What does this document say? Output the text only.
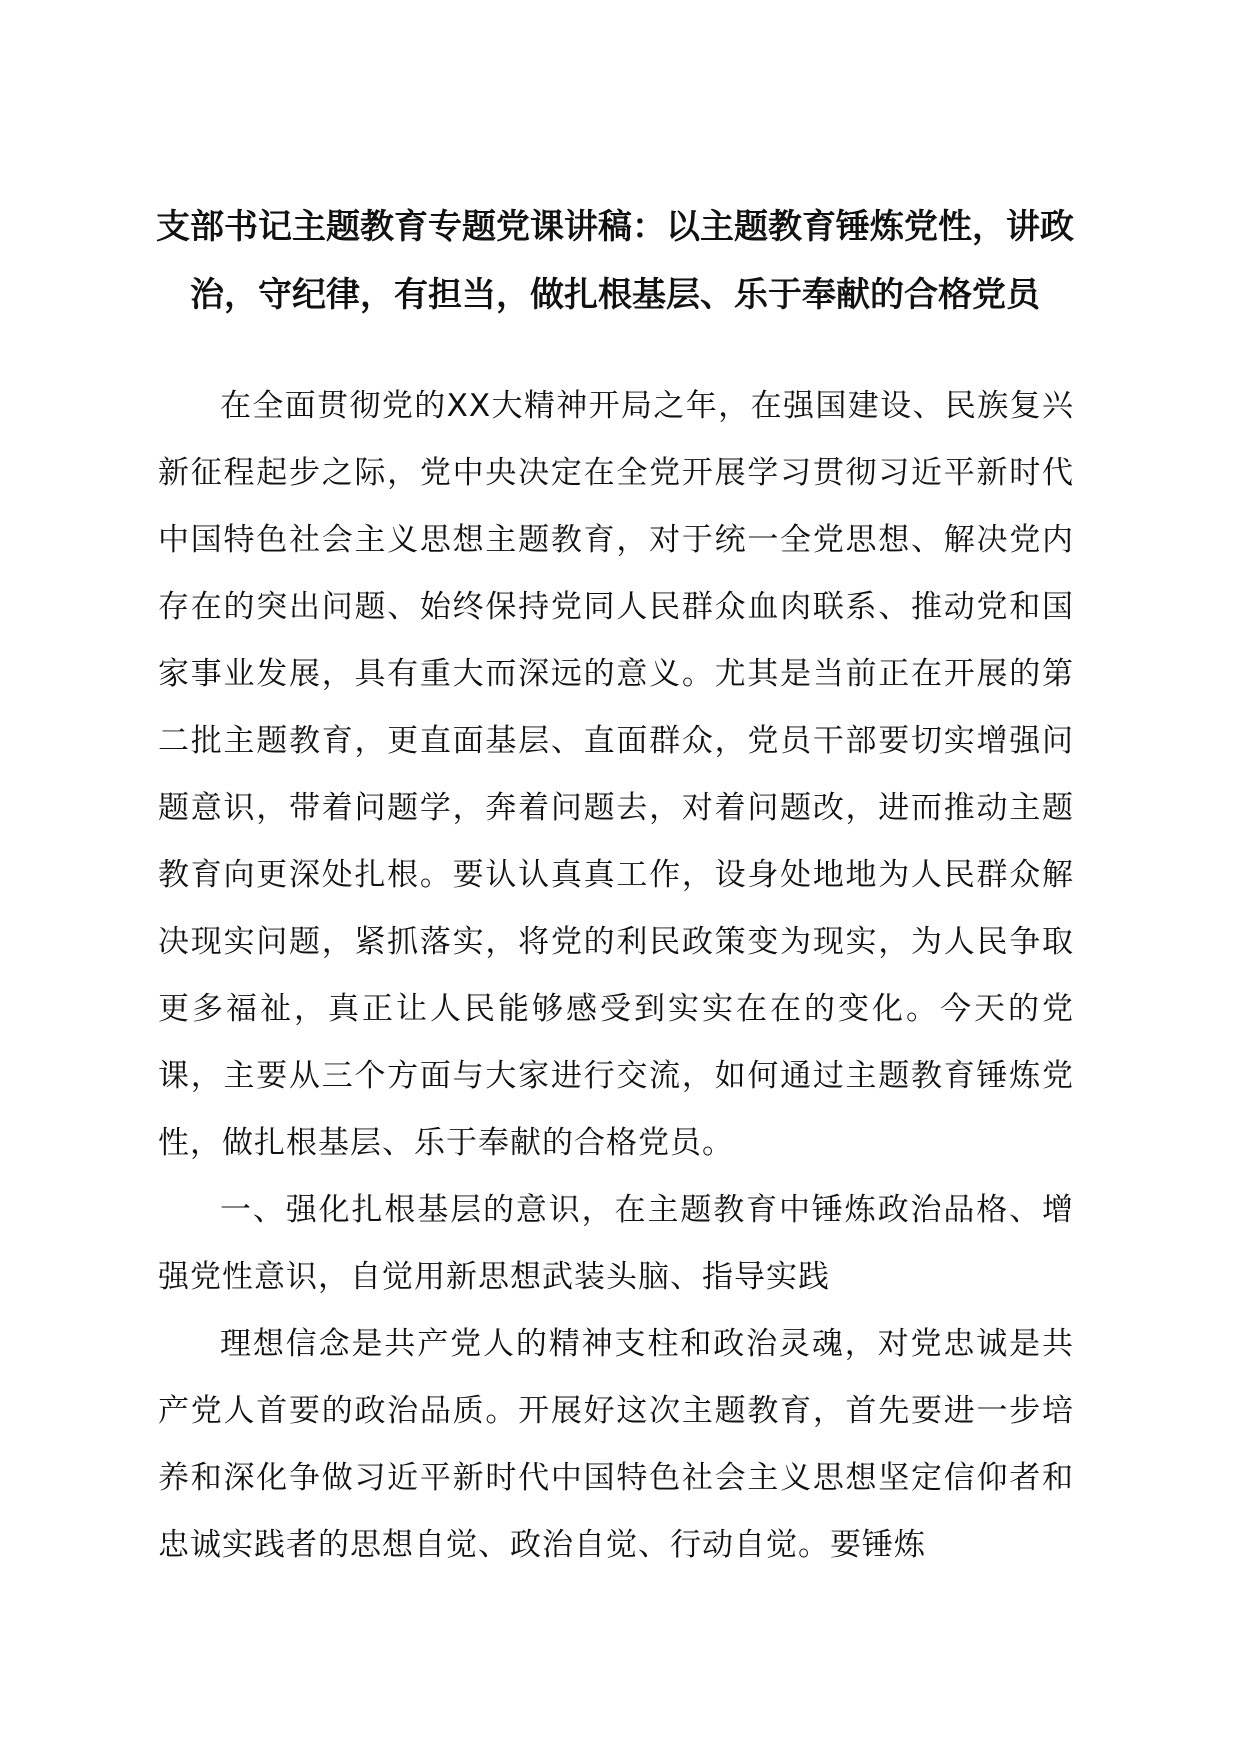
支部书记主题教育专题党课讲稿：以主题教育锤炼党性，讲政治，守纪律，有担当，做扎根基层、乐于奉献的合格党员

在全面贯彻党的XX大精神开局之年，在强国建设、民族复兴新征程起步之际，党中央决定在全党开展学习贯彻习近平新时代中国特色社会主义思想主题教育，对于统一全党思想、解决党内存在的突出问题、始终保持党同人民群众血肉联系、推动党和国家事业发展，具有重大而深远的意义。尤其是当前正在开展的第二批主题教育，更直面基层、直面群众，党员干部要切实增强问题意识，带着问题学，奔着问题去，对着问题改，进而推动主题教育向更深处扎根。要认认真真工作，设身处地地为人民群众解决现实问题，紧抓落实，将党的利民政策变为现实，为人民争取更多福祉，真正让人民能够感受到实实在在的变化。今天的党课，主要从三个方面与大家进行交流，如何通过主题教育锤炼党性，做扎根基层、乐于奉献的合格党员。

一、强化扎根基层的意识，在主题教育中锤炼政治品格、增强党性意识，自觉用新思想武装头脑、指导实践

理想信念是共产党人的精神支柱和政治灵魂，对党忠诚是共产党人首要的政治品质。开展好这次主题教育，首先要进一步培养和深化争做习近平新时代中国特色社会主义思想坚定信仰者和忠诚实践者的思想自觉、政治自觉、行动自觉。要锤炼
